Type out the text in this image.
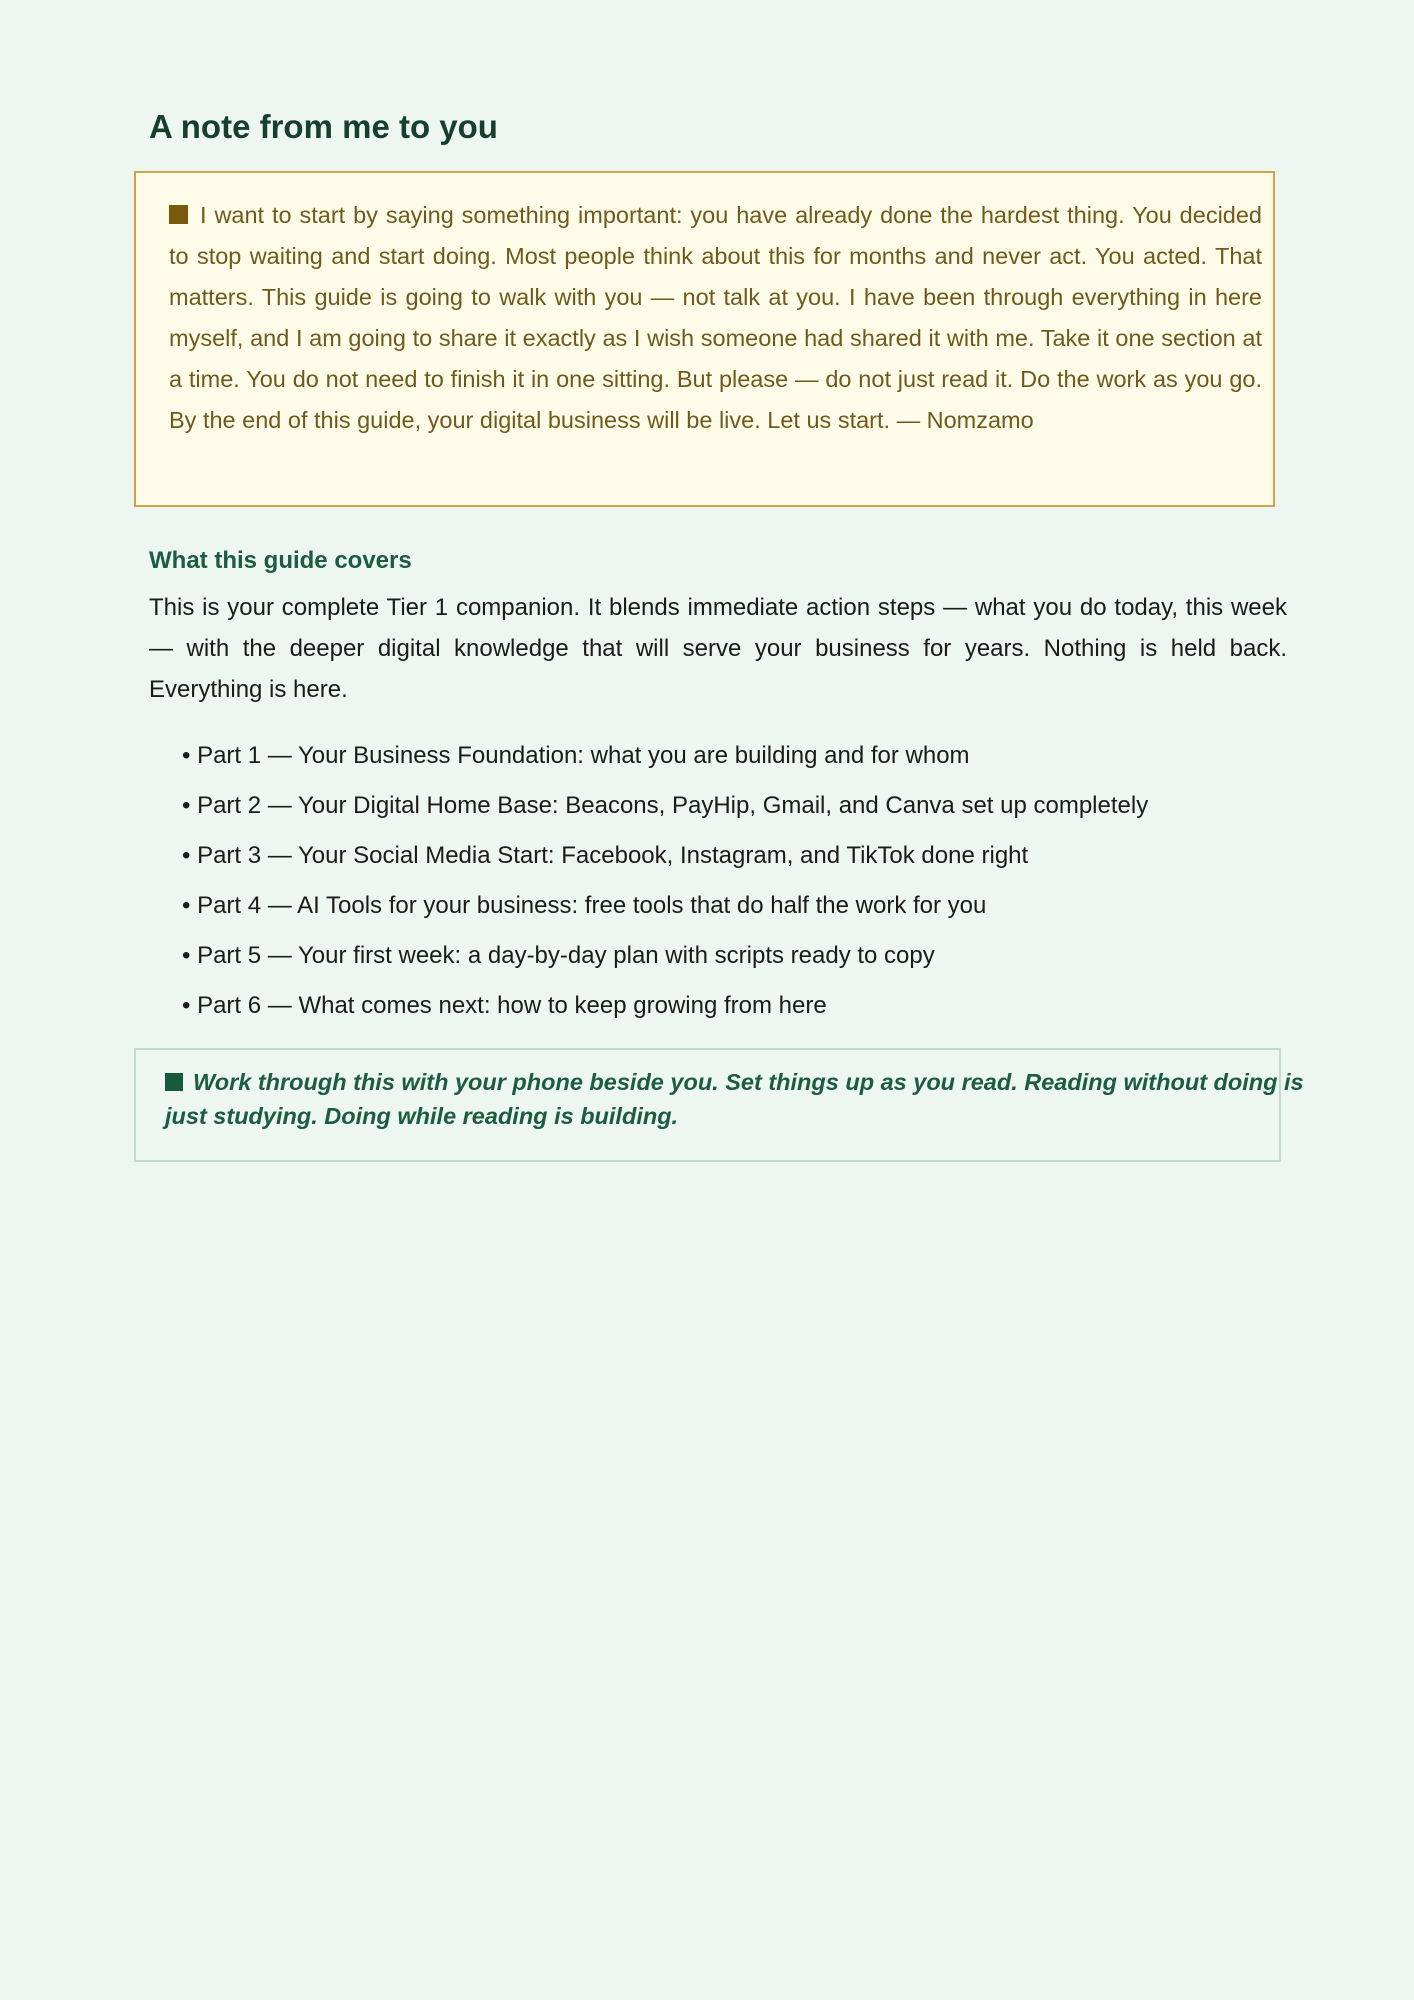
A note from me to you

I want to start by saying something important: you have already done the hardest thing. You decided to stop waiting and start doing. Most people think about this for months and never act. You acted. That matters. This guide is going to walk with you — not talk at you. I have been through everything in here myself, and I am going to share it exactly as I wish someone had shared it with me. Take it one section at a time. You do not need to finish it in one sitting. But please — do not just read it. Do the work as you go. By the end of this guide, your digital business will be live. Let us start. — Nomzamo

What this guide covers

This is your complete Tier 1 companion. It blends immediate action steps — what you do today, this week — with the deeper digital knowledge that will serve your business for years. Nothing is held back. Everything is here.

• Part 1 — Your Business Foundation: what you are building and for whom
• Part 2 — Your Digital Home Base: Beacons, PayHip, Gmail, and Canva set up completely
• Part 3 — Your Social Media Start: Facebook, Instagram, and TikTok done right
• Part 4 — AI Tools for your business: free tools that do half the work for you
• Part 5 — Your first week: a day-by-day plan with scripts ready to copy
• Part 6 — What comes next: how to keep growing from here

Work through this with your phone beside you. Set things up as you read. Reading without doing is just studying. Doing while reading is building.
